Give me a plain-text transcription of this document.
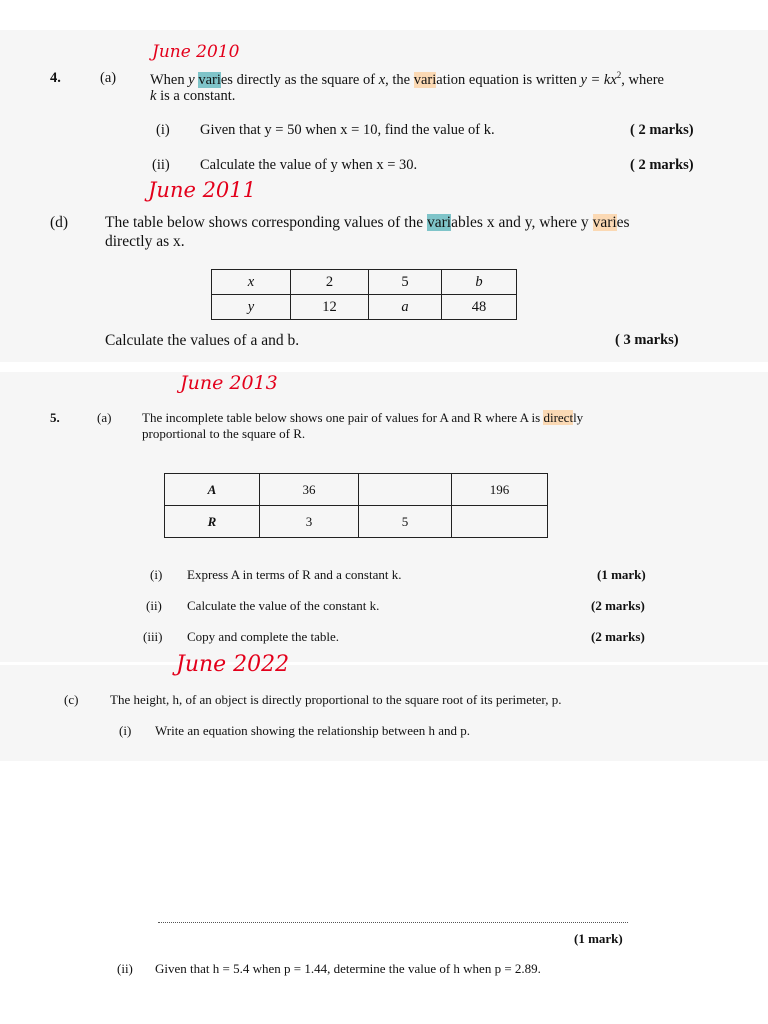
June 2010
4.	(a) When y varies directly as the square of x, the variation equation is written $y = kx^2$, where
k is a constant.
(i) Given that y = 50 when x = 10, find the value of k.	( 2 marks)
(ii) Calculate the value of y when x = 30.	( 2 marks)
June 2011
(d) The table below shows corresponding values of the variables x and y, where y varies
directly as x.
x	2	5	b
y	12	a	48
Calculate the values of a and b.	( 3 marks)
June 2013
5.	(a) The incomplete table below shows one pair of values for A and R where A is directly
proportional to the square of R.
A	36		196
R	3	5	
(i) Express A in terms of R and a constant k.	(1 mark)
(ii) Calculate the value of the constant k.	(2 marks)
(iii) Copy and complete the table.	(2 marks)
June 2022
(c) The height, h, of an object is directly proportional to the square root of its perimeter, p.
(i) Write an equation showing the relationship between h and p.
(1 mark)
(ii) Given that h = 5.4 when p = 1.44, determine the value of h when p = 2.89.
